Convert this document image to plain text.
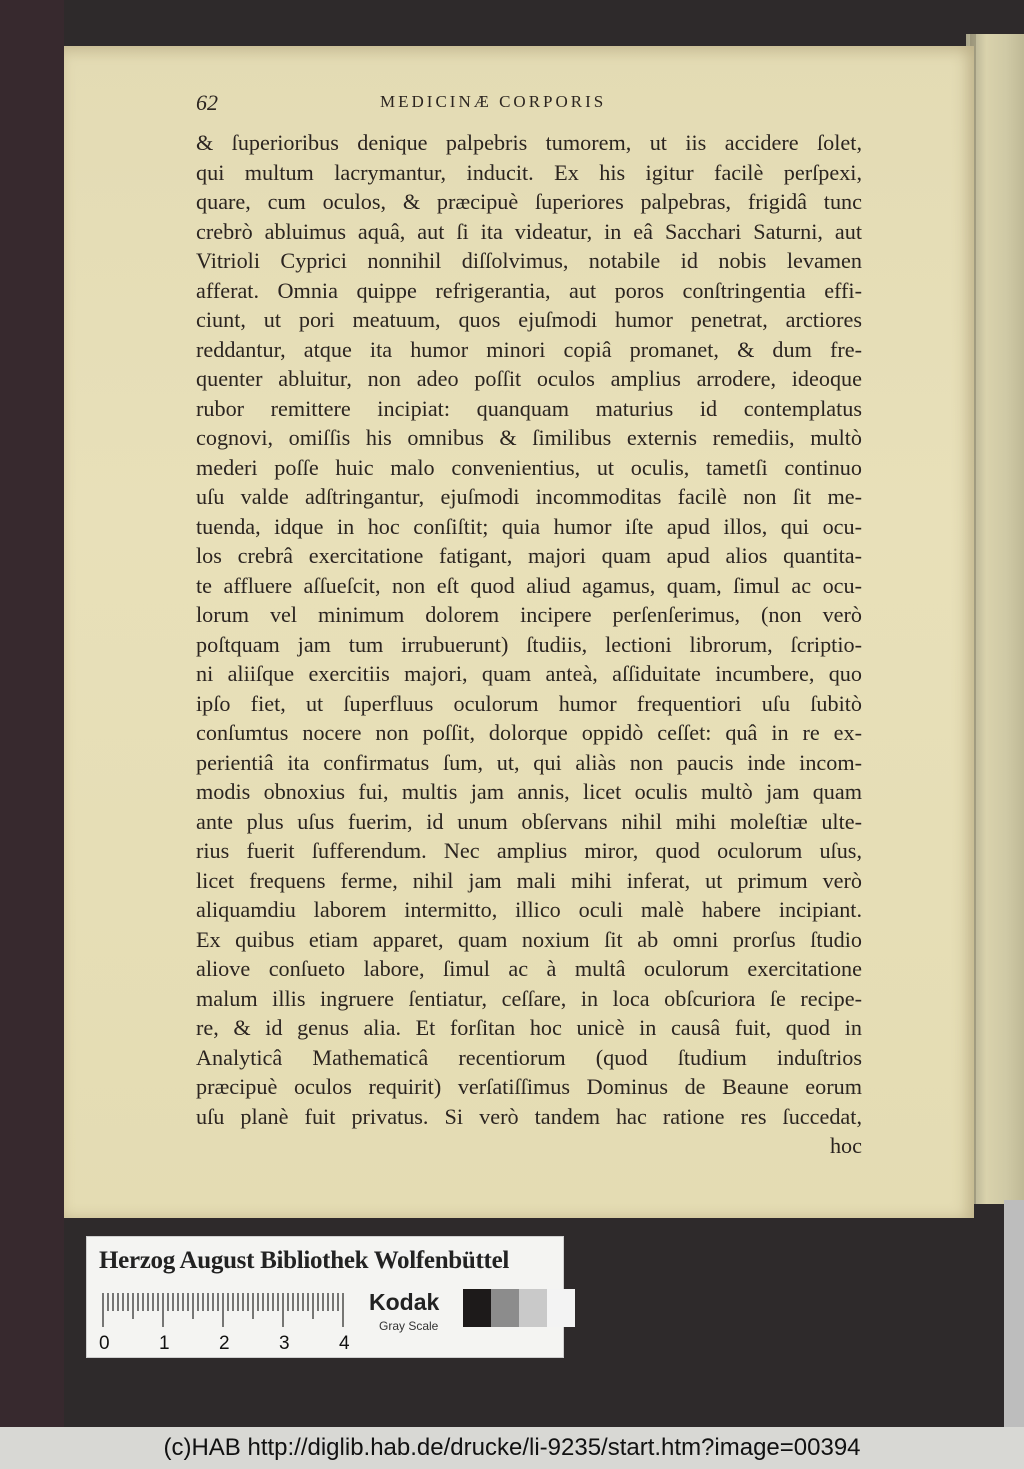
62	MEDICINÆ CORPORIS
& ſuperioribus denique palpebris tumorem, ut iis accidere ſolet,
qui multum lacrymantur, inducit. Ex his igitur facilè perſpexi,
quare, cum oculos, & præcipuè ſuperiores palpebras, frigidâ tunc
crebrò abluimus aquâ, aut ſi ita videatur, in eâ Sacchari Saturni, aut
Vitrioli Cyprici nonnihil diſſolvimus, notabile id nobis levamen
afferat. Omnia quippe refrigerantia, aut poros conſtringentia effi-
ciunt, ut pori meatuum, quos ejuſmodi humor penetrat, arctiores
reddantur, atque ita humor minori copiâ promanet, & dum fre-
quenter abluitur, non adeo poſſit oculos amplius arrodere, ideoque
rubor remittere incipiat: quanquam maturius id contemplatus
cognovi, omiſſis his omnibus & ſimilibus externis remediis, multò
mederi poſſe huic malo convenientius, ut oculis, tametſi continuo
uſu valde adſtringantur, ejuſmodi incommoditas facilè non ſit me-
tuenda, idque in hoc conſiſtit; quia humor iſte apud illos, qui ocu-
los crebrâ exercitatione fatigant, majori quam apud alios quantita-
te affluere aſſueſcit, non eſt quod aliud agamus, quam, ſimul ac ocu-
lorum vel minimum dolorem incipere perſenſerimus, (non verò
poſtquam jam tum irrubuerunt) ſtudiis, lectioni librorum, ſcriptio-
ni aliiſque exercitiis majori, quam anteà, aſſiduitate incumbere, quo
ipſo fiet, ut ſuperfluus oculorum humor frequentiori uſu ſubitò
conſumtus nocere non poſſit, dolorque oppidò ceſſet: quâ in re ex-
perientiâ ita confirmatus ſum, ut, qui aliàs non paucis inde incom-
modis obnoxius fui, multis jam annis, licet oculis multò jam quam
ante plus uſus fuerim, id unum obſervans nihil mihi moleſtiæ ulte-
rius fuerit ſufferendum. Nec amplius miror, quod oculorum uſus,
licet frequens ferme, nihil jam mali mihi inferat, ut primum verò
aliquamdiu laborem intermitto, illico oculi malè habere incipiant.
Ex quibus etiam apparet, quam noxium ſit ab omni prorſus ſtudio
aliove conſueto labore, ſimul ac à multâ oculorum exercitatione
malum illis ingruere ſentiatur, ceſſare, in loca obſcuriora ſe recipe-
re, & id genus alia. Et forſitan hoc unicè in causâ fuit, quod in
Analyticâ Mathematicâ recentiorum (quod ſtudium induſtrios
præcipuè oculos requirit) verſatiſſimus Dominus de Beaune eorum
uſu planè fuit privatus. Si verò tandem hac ratione res ſuccedat,
hoc
Herzog August Bibliothek Wolfenbüttel
0	1	2	3	4
Kodak
Gray Scale
(c)HAB http://diglib.hab.de/drucke/li-9235/start.htm?image=00394
